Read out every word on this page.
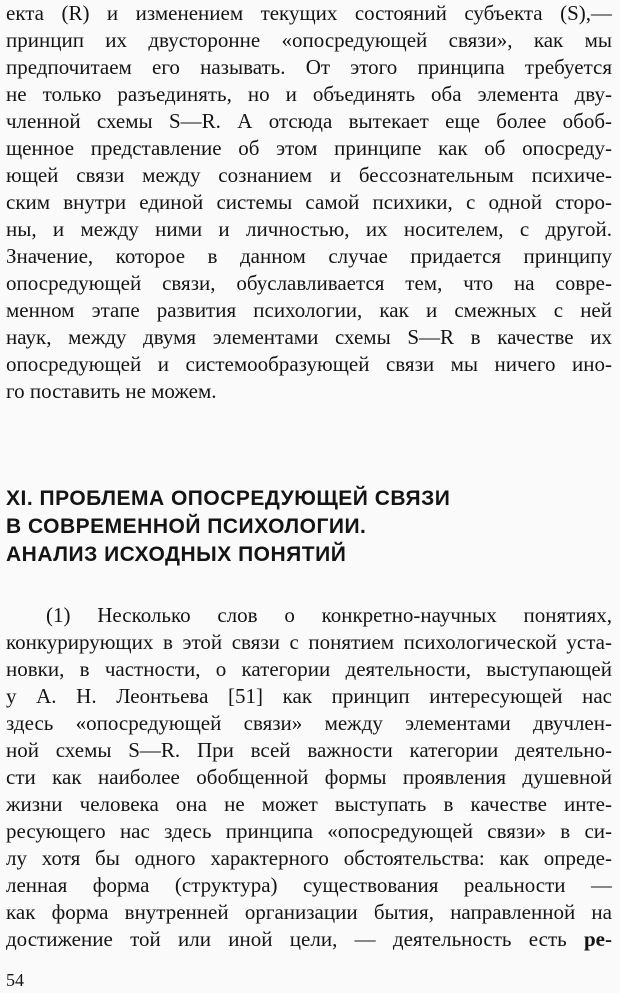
екта (R) и изменением текущих состояний субъекта (S),—
принцип их двустороннe «опосредующей связи», как мы
предпочитаем его называть. От этого принципа требуется
не только разъединять, но и объединять оба элемента дву-
членной схемы S—R. А отсюда вытекает еще более обоб-
щенное представление об этом принципе как об опосреду-
ющей связи между сознанием и бессознательным психиче-
ским внутри единой системы самой психики, с одной сторо-
ны, и между ними и личностью, их носителем, с другой.
Значение, которое в данном случае придается принципу
опосредующей связи, обуславливается тем, что на совре-
менном этапе развития психологии, как и смежных с ней
наук, между двумя элементами схемы S—R в качестве их
опосредующей и системообразующей связи мы ничего ино-
го поставить не можем.
XI. ПРОБЛЕМА ОПОСРЕДУЮЩЕЙ СВЯЗИ
В СОВРЕМЕННОЙ ПСИХОЛОГИИ.
АНАЛИЗ ИСХОДНЫХ ПОНЯТИЙ
(1) Несколько слов о конкретно-научных понятиях,
конкурирующих в этой связи с понятием психологической уста-
новки, в частности, о категории деятельности, выступающей
у А. Н. Леонтьева [51] как принцип интересующей нас
здесь «опосредующей связи» между элементами двучлен-
ной схемы S—R. При всей важности категории деятельно-
сти как наиболее обобщенной формы проявления душевной
жизни человека она не может выступать в качестве инте-
ресующего нас здесь принципа «опосредующей связи» в си-
лу хотя бы одного характерного обстоятельства: как опреде-
ленная форма (структура) существования реальности —
как форма внутренней организации бытия, направленной на
достижение той или иной цели, — деятельность есть ре-
54
